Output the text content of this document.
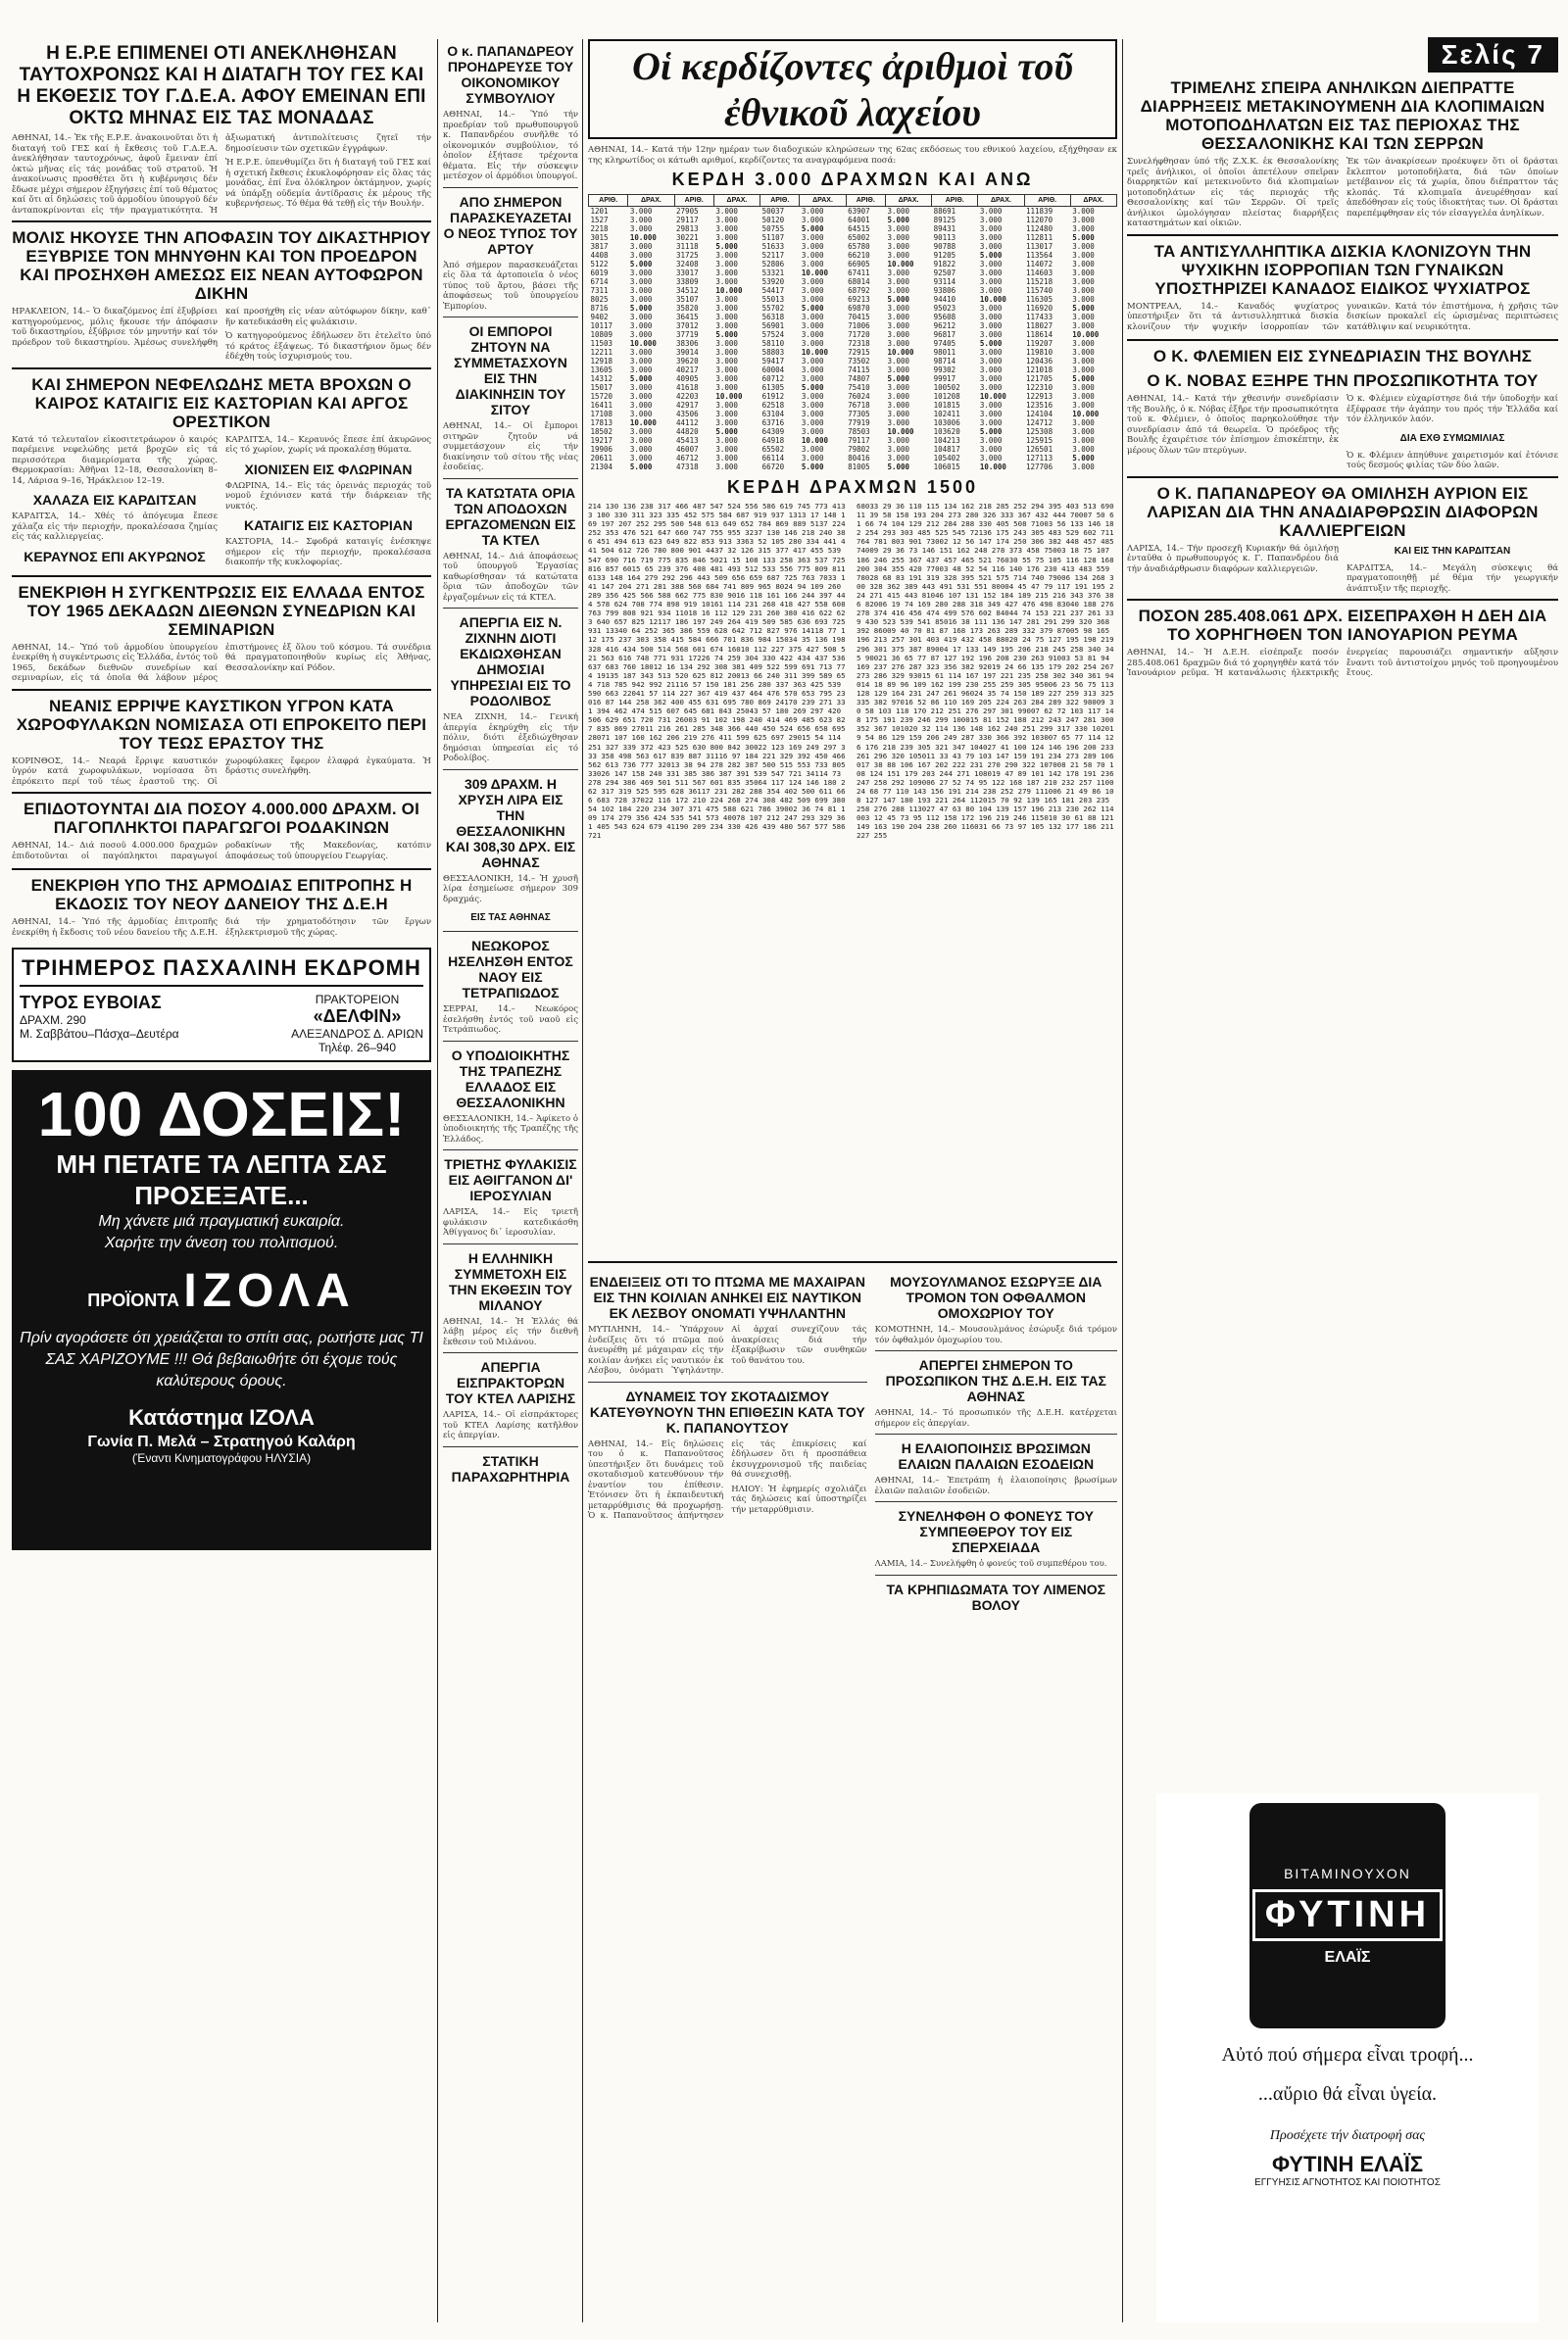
Η Ε.Ρ.Ε ΕΠΙΜΕΝΕΙ ΟΤΙ ΑΝΕΚΛΗΘΗΣΑΝ ΤΑΥΤΟΧΡΟΝΩΣ ΚΑΙ Η ΔΙΑΤΑΓΗ ΤΟΥ ΓΕΣ ΚΑΙ Η ΕΚΘΕΣΙΣ ΤΟΥ Γ.Δ.Ε.Α. ΑΦΟΥ ΕΜΕΙΝΑΝ ΕΠΙ ΟΚΤΩ ΜΗΝΑΣ ΕΙΣ ΤΑΣ ΜΟΝΑΔΑΣ

ΑΘΗΝΑΙ, 14.– Ἐκ τῆς Ε.Ρ.Ε. ἀνακοινοῦται ὅτι ἡ διαταγή τοῦ ΓΕΣ καί ἡ ἔκθεσις τοῦ Γ.Δ.Ε.Α. ἀνεκλήθησαν ταυτοχρόνως, ἀφοῦ ἔμειναν ἐπί ὀκτώ μῆνας εἰς τάς μονάδας τοῦ στρατοῦ. Ἡ ἀνακοίνωσις προσθέτει ὅτι ἡ κυβέρνησις δέν ἔδωσε μέχρι σήμερον ἐξηγήσεις ἐπί τοῦ θέματος καί ὅτι αἱ δηλώσεις τοῦ ἁρμοδίου ὑπουργοῦ δέν ἀνταποκρίνονται εἰς τήν πραγματικότητα. Ἡ ἀξιωματική ἀντιπολίτευσις ζητεῖ τήν δημοσίευσιν τῶν σχετικῶν ἐγγράφων.

Ἡ Ε.Ρ.Ε. ὑπενθυμίζει ὅτι ἡ διαταγή τοῦ ΓΕΣ καί ἡ σχετική ἔκθεσις ἐκυκλοφόρησαν εἰς ὅλας τάς μονάδας, ἐπί ἕνα ὁλόκληρον ὀκτάμηνον, χωρίς νά ὑπάρξῃ οὐδεμία ἀντίδρασις ἐκ μέρους τῆς κυβερνήσεως. Τό θέμα θά τεθῇ εἰς τήν Βουλήν.

ΜΟΛΙΣ ΗΚΟΥΣΕ ΤΗΝ ΑΠΟΦΑΣΙΝ ΤΟΥ ΔΙΚΑΣΤΗΡΙΟΥ ΕΞΥΒΡΙΣΕ ΤΟΝ ΜΗΝΥΘΗΝ ΚΑΙ ΤΟΝ ΠΡΟΕΔΡΟΝ ΚΑΙ ΠΡΟΣΗΧΘΗ ΑΜΕΣΩΣ ΕΙΣ ΝΕΑΝ ΑΥΤΟΦΩΡΟΝ ΔΙΚΗΝ

ΗΡΑΚΛΕΙΟΝ, 14.– Ὁ δικαζόμενος ἐπί ἐξυβρίσει κατηγορούμενος, μόλις ἤκουσε τήν ἀπόφασιν τοῦ δικαστηρίου, ἐξύβρισε τόν μηνυτήν καί τόν πρόεδρον τοῦ δικαστηρίου. Ἀμέσως συνελήφθη καί προσήχθη εἰς νέαν αὐτόφωρον δίκην, καθ᾿ ἥν κατεδικάσθη εἰς φυλάκισιν.

Ὁ κατηγορούμενος ἐδήλωσεν ὅτι ἐτελεῖτο ὑπό τό κράτος ἐξάψεως. Τό δικαστήριον ὅμως δέν ἐδέχθη τούς ἰσχυρισμούς του.

ΚΑΙ ΣΗΜΕΡΟΝ ΝΕΦΕΛΩΔΗΣ ΜΕΤΑ ΒΡΟΧΩΝ Ο ΚΑΙΡΟΣ ΚΑΤΑΙΓΙΣ ΕΙΣ ΚΑΣΤΟΡΙΑΝ ΚΑΙ ΑΡΓΟΣ ΟΡΕΣΤΙΚΟΝ

Κατά τό τελευταῖον εἰκοσιτετράωρον ὁ καιρός παρέμεινε νεφελώδης μετά βροχῶν εἰς τά περισσότερα διαμερίσματα τῆς χώρας. Θερμοκρασίαι: Ἀθῆναι 12–18, Θεσσαλονίκη 8–14, Λάρισα 9–16, Ἡράκλειον 12–19.

ΧΑΛΑΖΑ ΕΙΣ ΚΑΡΔΙΤΣΑΝ

ΚΑΡΔΙΤΣΑ, 14.– Χθές τό ἀπόγευμα ἔπεσε χάλαζα εἰς τήν περιοχήν, προκαλέσασα ζημίας εἰς τάς καλλιεργείας.

ΚΕΡΑΥΝΟΣ ΕΠΙ ΑΚΥΡΩΝΟΣ

ΚΑΡΔΙΤΣΑ, 14.– Κεραυνός ἔπεσε ἐπί ἀκυρῶνος εἰς τό χωρίον, χωρίς νά προκαλέσῃ θύματα.

ΧΙΟΝΙΣΕΝ ΕΙΣ ΦΛΩΡΙΝΑΝ

ΦΛΩΡΙΝΑ, 14.– Εἰς τάς ὀρεινάς περιοχάς τοῦ νομοῦ ἐχιόνισεν κατά τήν διάρκειαν τῆς νυκτός.

ΚΑΤΑΙΓΙΣ ΕΙΣ ΚΑΣΤΟΡΙΑΝ

ΚΑΣΤΟΡΙΑ, 14.– Σφοδρά καταιγίς ἐνέσκηψε σήμερον εἰς τήν περιοχήν, προκαλέσασα διακοπήν τῆς κυκλοφορίας.

ΕΝΕΚΡΙΘΗ Η ΣΥΓΚΕΝΤΡΩΣΙΣ ΕΙΣ ΕΛΛΑΔΑ ΕΝΤΟΣ ΤΟΥ 1965 ΔΕΚΑΔΩΝ ΔΙΕΘΝΩΝ ΣΥΝΕΔΡΙΩΝ ΚΑΙ ΣΕΜΙΝΑΡΙΩΝ

ΑΘΗΝΑΙ, 14.– Ὑπό τοῦ ἁρμοδίου ὑπουργείου ἐνεκρίθη ἡ συγκέντρωσις εἰς Ἑλλάδα, ἐντός τοῦ 1965, δεκάδων διεθνῶν συνεδρίων καί σεμιναρίων, εἰς τά ὁποῖα θά λάβουν μέρος ἐπιστήμονες ἐξ ὅλου τοῦ κόσμου. Τά συνέδρια θά πραγματοποιηθοῦν κυρίως εἰς Ἀθήνας, Θεσσαλονίκην καί Ρόδον.

ΝΕΑΝΙΣ ΕΡΡΙΨΕ ΚΑΥΣΤΙΚΟΝ ΥΓΡΟΝ ΚΑΤΑ ΧΩΡΟΦΥΛΑΚΩΝ ΝΟΜΙΣΑΣΑ ΟΤΙ ΕΠΡΟΚΕΙΤΟ ΠΕΡΙ ΤΟΥ ΤΕΩΣ ΕΡΑΣΤΟΥ ΤΗΣ

ΚΟΡΙΝΘΟΣ, 14.– Νεαρά ἔρριψε καυστικόν ὑγρόν κατά χωροφυλάκων, νομίσασα ὅτι ἐπρόκειτο περί τοῦ τέως ἐραστοῦ της. Οἱ χωροφύλακες ἔφερον ἐλαφρά ἐγκαύματα. Ἡ δράστις συνελήφθη.

ΕΠΙΔΟΤΟΥΝΤΑΙ ΔΙΑ ΠΟΣΟΥ 4.000.000 ΔΡΑΧΜ. ΟΙ ΠΑΓΟΠΛΗΚΤΟΙ ΠΑΡΑΓΩΓΟΙ ΡΟΔΑΚΙΝΩΝ

ΑΘΗΝΑΙ, 14.– Διά ποσοῦ 4.000.000 δραχμῶν ἐπιδοτοῦνται οἱ παγόπληκτοι παραγωγοί ροδακίνων τῆς Μακεδονίας, κατόπιν ἀποφάσεως τοῦ ὑπουργείου Γεωργίας.

ΕΝΕΚΡΙΘΗ ΥΠΟ ΤΗΣ ΑΡΜΟΔΙΑΣ ΕΠΙΤΡΟΠΗΣ Η ΕΚΔΟΣΙΣ ΤΟΥ ΝΕΟΥ ΔΑΝΕΙΟΥ ΤΗΣ Δ.Ε.Η

ΑΘΗΝΑΙ, 14.– Ὑπό τῆς ἁρμοδίας ἐπιτροπῆς ἐνεκρίθη ἡ ἔκδοσις τοῦ νέου δανείου τῆς Δ.Ε.Η. διά τήν χρηματοδότησιν τῶν ἔργων ἐξηλεκτρισμοῦ τῆς χώρας.

ΤΡΙΗΜΕΡΟΣ ΠΑΣΧΑΛΙΝΗ ΕΚΔΡΟΜΗ
ΤΥΡΟΣ ΕΥΒΟΙΑΣ
ΔΡΑΧΜ. 290
Μ. Σαββάτου–Πάσχα–Δευτέρα
ΠΡΑΚΤΟΡΕΙΟΝ
«ΔΕΛΦΙΝ»
ΑΛΕΞΑΝΔΡΟΣ Δ. ΑΡΙΩΝ
Τηλέφ. 26–940
100 ΔΟΣΕΙΣ!
ΜΗ ΠΕΤΑΤΕ ΤΑ ΛΕΠΤΑ ΣΑΣ
ΠΡΟΣΕΞΑΤΕ...
Μη χάνετε μιά πραγματική ευκαιρία.
Χαρήτε την άνεση του πολιτισμού.
ΠΡΟΪΟΝΤΑ ΙΖΟΛΑ
Πρίν αγοράσετε ότι χρειάζεται το σπίτι σας, ρωτήστε μας ΤΙ ΣΑΣ ΧΑΡΙΖΟΥΜΕ !!! Θά βεβαιωθήτε ότι έχομε τούς καλύτερους όρους.
Κατάστημα ΙΖΟΛΑ
Γωνία Π. Μελά – Στρατηγού Καλάρη
(Έναντι Κινηματογράφου ΗΛΥΣΙΑ)
Ο κ. ΠΑΠΑΝΔΡΕΟΥ ΠΡΟΗΔΡΕΥΣΕ ΤΟΥ ΟΙΚΟΝΟΜΙΚΟΥ ΣΥΜΒΟΥΛΙΟΥ

ΑΘΗΝΑΙ, 14.– Ὑπό τήν προεδρίαν τοῦ πρωθυπουργοῦ κ. Παπανδρέου συνῆλθε τό οἰκονομικόν συμβούλιον, τό ὁποῖον ἐξήτασε τρέχοντα θέματα. Εἰς τήν σύσκεψιν μετέσχον οἱ ἁρμόδιοι ὑπουργοί.

ΑΠΟ ΣΗΜΕΡΟΝ ΠΑΡΑΣΚΕΥΑΖΕΤΑΙ Ο ΝΕΟΣ ΤΥΠΟΣ ΤΟΥ ΑΡΤΟΥ

Ἀπό σήμερον παρασκευάζεται εἰς ὅλα τά ἀρτοποιεῖα ὁ νέος τύπος τοῦ ἄρτου, βάσει τῆς ἀποφάσεως τοῦ ὑπουργείου Ἐμπορίου.

ΟΙ ΕΜΠΟΡΟΙ ΖΗΤΟΥΝ ΝΑ ΣΥΜΜΕΤΑΣΧΟΥΝ ΕΙΣ ΤΗΝ ΔΙΑΚΙΝΗΣΙΝ ΤΟΥ ΣΙΤΟΥ

ΑΘΗΝΑΙ, 14.– Οἱ ἔμποροι σιτηρῶν ζητοῦν νά συμμετάσχουν εἰς τήν διακίνησιν τοῦ σίτου τῆς νέας ἐσοδείας.

ΤΑ ΚΑΤΩΤΑΤΑ ΟΡΙΑ ΤΩΝ ΑΠΟΔΟΧΩΝ ΕΡΓΑΖΟΜΕΝΩΝ ΕΙΣ ΤΑ ΚΤΕΛ

ΑΘΗΝΑΙ, 14.– Διά ἀποφάσεως τοῦ ὑπουργοῦ Ἐργασίας καθωρίσθησαν τά κατώτατα ὅρια τῶν ἀποδοχῶν τῶν ἐργαζομένων εἰς τά ΚΤΕΛ.

ΑΠΕΡΓΙΑ ΕΙΣ Ν. ΖΙΧΝΗΝ ΔΙΟΤΙ ΕΚΔΙΩΧΘΗΣΑΝ ΔΗΜΟΣΙΑΙ ΥΠΗΡΕΣΙΑΙ ΕΙΣ ΤΟ ΡΟΔΟΛΙΒΟΣ

ΝΕΑ ΖΙΧΝΗ, 14.– Γενική ἀπεργία ἐκηρύχθη εἰς τήν πόλιν, διότι ἐξεδιώχθησαν δημόσιαι ὑπηρεσίαι εἰς τό Ροδολίβος.

309 ΔΡΑΧΜ. Η ΧΡΥΣΗ ΛΙΡΑ ΕΙΣ ΤΗΝ ΘΕΣΣΑΛΟΝΙΚΗΝ ΚΑΙ 308,30 ΔΡΧ. ΕΙΣ ΑΘΗΝΑΣ

ΘΕΣΣΑΛΟΝΙΚΗ, 14.– Ἡ χρυσῆ λίρα ἐσημείωσε σήμερον 309 δραχμάς.

ΕΙΣ ΤΑΣ ΑΘΗΝΑΣ
ΝΕΩΚΟΡΟΣ ΗΣΕΛΗΣΘΗ ΕΝΤΟΣ ΝΑΟΥ ΕΙΣ ΤΕΤΡΑΠΙΩΔΟΣ

ΣΕΡΡΑΙ, 14.– Νεωκόρος ἐσελήσθη ἐντός τοῦ ναοῦ εἰς Τετράπιωδος.

Ο ΥΠΟΔΙΟΙΚΗΤΗΣ ΤΗΣ ΤΡΑΠΕΖΗΣ ΕΛΛΑΔΟΣ ΕΙΣ ΘΕΣΣΑΛΟΝΙΚΗΝ

ΘΕΣΣΑΛΟΝΙΚΗ, 14.– Ἀφίκετο ὁ ὑποδιοικητής τῆς Τραπέζης τῆς Ἑλλάδος.

ΤΡΙΕΤΗΣ ΦΥΛΑΚΙΣΙΣ ΕΙΣ ΑΘΙΓΓΑΝΟΝ ΔΙ' ΙΕΡΟΣΥΛΙΑΝ

ΛΑΡΙΣΑ, 14.– Εἰς τριετῆ φυλάκισιν κατεδικάσθη Ἀθίγγανος δι᾿ ἱεροσυλίαν.

Η ΕΛΛΗΝΙΚΗ ΣΥΜΜΕΤΟΧΗ ΕΙΣ ΤΗΝ ΕΚΘΕΣΙΝ ΤΟΥ ΜΙΛΑΝΟΥ

ΑΘΗΝΑΙ, 14.– Ἡ Ἑλλάς θά λάβῃ μέρος εἰς τήν διεθνῆ ἔκθεσιν τοῦ Μιλάνου.

ΑΠΕΡΓΙΑ ΕΙΣΠΡΑΚΤΟΡΩΝ ΤΟΥ ΚΤΕΛ ΛΑΡΙΣΗΣ

ΛΑΡΙΣΑ, 14.– Οἱ εἰσπράκτορες τοῦ ΚΤΕΛ Λαρίσης κατῆλθον εἰς ἀπεργίαν.

ΣΤΑΤΙΚΗ ΠΑΡΑΧΩΡΗΤΗΡΙΑ
Οἱ κερδίζοντες ἀριθμοὶ τοῦ ἐθνικοῦ λαχείου

ΑΘΗΝΑΙ, 14.– Κατά τήν 12ην ημέραν των διαδοχικών κληρώσεων της 62ας εκδόσεως του εθνικού λαχείου, εξήχθησαν εκ της κληρωτίδος οι κάτωθι αριθμοί, κερδίζοντες τα αναγραφόμενα ποσά:

ΚΕΡΔΗ 3.000 ΔΡΑΧΜΩΝ ΚΑΙ ΑΝΩ
ΑΡΙΘ.	ΔΡΑΧ.	ΑΡΙΘ.	ΔΡΑΧ.	ΑΡΙΘ.	ΔΡΑΧ.	ΑΡΙΘ.	ΔΡΑΧ.	ΑΡΙΘ.	ΔΡΑΧ.	ΑΡΙΘ.	ΔΡΑΧ.
1201	3.000	27905	3.000	50037	3.000	63907	3.000	88691	3.000	111839	3.000
1527	3.000	29117	3.000	50120	3.000	64001	5.000	89125	3.000	112070	3.000
2218	3.000	29813	3.000	50755	5.000	64515	3.000	89431	3.000	112480	3.000
3015	10.000	30221	3.000	51107	3.000	65002	3.000	90113	3.000	112811	5.000
3817	3.000	31118	5.000	51633	3.000	65780	3.000	90788	3.000	113017	3.000
4408	3.000	31725	3.000	52117	3.000	66210	3.000	91205	5.000	113564	3.000
5122	5.000	32408	3.000	52806	3.000	66905	10.000	91822	3.000	114072	3.000
6019	3.000	33017	3.000	53321	10.000	67411	3.000	92507	3.000	114603	3.000
6714	3.000	33809	3.000	53920	3.000	68014	3.000	93114	3.000	115218	3.000
7311	3.000	34512	10.000	54417	3.000	68792	3.000	93806	3.000	115740	3.000
8025	3.000	35107	3.000	55013	3.000	69213	5.000	94410	10.000	116305	3.000
8716	5.000	35820	3.000	55702	5.000	69870	3.000	95023	3.000	116920	5.000
9402	3.000	36415	3.000	56318	3.000	70415	3.000	95608	3.000	117433	3.000
10117	3.000	37012	3.000	56901	3.000	71006	3.000	96212	3.000	118027	3.000
10809	3.000	37719	5.000	57524	3.000	71720	3.000	96817	3.000	118614	10.000
11503	10.000	38306	3.000	58110	3.000	72318	3.000	97405	5.000	119207	3.000
12211	3.000	39014	3.000	58803	10.000	72915	10.000	98011	3.000	119810	3.000
12918	3.000	39620	3.000	59417	3.000	73502	3.000	98714	3.000	120436	3.000
13605	3.000	40217	3.000	60004	3.000	74115	3.000	99302	3.000	121018	3.000
14312	5.000	40905	3.000	60712	3.000	74807	5.000	99917	3.000	121705	5.000
15017	3.000	41618	3.000	61305	5.000	75410	3.000	100502	3.000	122310	3.000
15720	3.000	42203	10.000	61912	3.000	76024	3.000	101208	10.000	122913	3.000
16411	3.000	42917	3.000	62518	3.000	76718	3.000	101815	3.000	123516	3.000
17108	3.000	43506	3.000	63104	3.000	77305	3.000	102411	3.000	124104	10.000
17813	10.000	44112	3.000	63716	3.000	77919	3.000	103006	3.000	124712	3.000
18502	3.000	44820	5.000	64309	3.000	78503	10.000	103620	5.000	125308	3.000
19217	3.000	45413	3.000	64918	10.000	79117	3.000	104213	3.000	125915	3.000
19906	3.000	46007	3.000	65502	3.000	79802	3.000	104817	3.000	126501	3.000
20611	3.000	46712	3.000	66114	3.000	80416	3.000	105402	3.000	127113	5.000
21304	5.000	47318	3.000	66720	5.000	81005	5.000	106015	10.000	127706	3.000
ΚΕΡΔΗ ΔΡΑΧΜΩΝ 1500
214 130 136 238 317 466 487 547 524 556 586 619 745 773 4133 180 330 311 323 335 452 575 584 687 919 937 1313 17 148 169 197 207 252 295 500 548 613 649 652 784 869 889 5137 224 252 353 476 521 647 660 747 755 955 3237 130 146 218 240 386 451 494 613 623 649 822 853 913 3363 52 105 280 334 441 441 504 612 726 780 800 901 4437 32 126 315 377 417 455 539 547 690 716 719 775 835 846 5021 15 108 133 258 363 537 725 816 857 6015 65 239 376 408 481 493 512 533 556 775 809 811 6133 148 164 279 292 296 443 509 656 659 687 725 763 7033 141 147 204 271 281 388 560 684 741 809 965 8024 94 109 260 289 356 425 566 588 662 775 830 9016 118 161 166 244 397 444 578 624 708 774 898 919 10161 114 231 268 418 427 558 608 763 799 808 921 934 11018 16 112 129 231 260 380 416 622 623 640 657 825 12117 186 197 249 264 419 509 585 636 693 725 931 13340 64 252 365 386 559 628 642 712 827 976 14118 77 112 175 237 303 358 415 584 666 701 836 984 15034 35 136 198 328 416 434 500 514 568 601 674 16010 112 227 375 427 508 521 563 616 748 771 931 17226 74 259 304 330 422 434 437 536 637 683 760 18012 16 134 292 308 381 409 522 599 691 713 774 19135 187 343 513 520 625 812 20013 66 240 311 399 589 654 718 785 942 992 21116 57 150 181 256 280 337 363 425 539 590 663 22041 57 114 227 367 419 437 464 476 570 653 795 23016 87 144 258 362 400 455 631 695 780 869 24170 239 271 331 394 462 474 515 607 645 681 843 25043 57 180 269 297 420 506 629 651 720 731 26003 91 102 198 240 414 469 485 623 827 835 869 27011 216 261 285 348 366 440 450 524 656 658 695 28071 107 160 162 206 219 276 411 599 625 697 29015 54 114 251 327 339 372 423 525 630 800 842 30022 123 169 249 297 333 358 498 563 617 839 887 31116 97 184 221 329 392 450 466 562 613 736 777 32013 38 94 278 282 387 500 515 553 733 805 33026 147 158 240 331 385 386 387 391 539 547 721 34114 73 278 294 386 469 501 511 567 601 835 35064 117 124 146 180 262 317 319 525 595 628 36117 231 282 288 354 402 500 611 666 683 728 37022 116 172 210 224 268 274 308 482 509 699 38054 102 184 220 234 307 371 475 588 621 786 39002 36 74 81 109 174 279 356 424 535 541 573 40078 107 212 247 293 329 361 405 543 624 679 41190 209 234 330 426 439 480 567 577 586 721
68033 29 36 110 115 134 162 218 285 252 294 395 403 513 69011 39 58 158 193 204 273 280 326 333 367 432 444 70007 50 61 66 74 104 129 212 284 288 330 405 508 71003 56 133 146 182 254 293 303 485 525 545 72136 175 243 305 483 529 602 711 764 781 803 901 73002 12 56 147 174 250 306 382 448 457 485 74009 29 36 73 146 151 162 248 278 373 458 75003 18 75 107 186 246 255 367 437 457 465 521 76030 55 75 105 116 128 168 200 304 355 420 77003 48 52 54 116 140 176 230 413 483 559 78028 68 83 191 319 328 395 521 575 714 740 79006 134 268 300 328 362 389 443 491 531 551 80004 45 47 79 117 191 195 224 271 415 443 81046 107 131 152 184 189 215 216 343 376 386 82006 19 74 169 280 288 318 349 427 476 498 83040 188 276 278 374 416 456 474 499 576 602 84044 74 153 221 237 261 339 430 523 539 541 85016 38 111 136 147 281 291 299 320 368 392 86009 40 70 81 87 168 173 263 289 332 379 87005 98 165 196 213 257 301 403 419 432 458 88020 24 75 127 195 198 219 296 301 375 387 89004 17 133 149 195 206 218 245 258 340 345 90021 36 65 77 87 127 192 196 208 230 263 91003 53 81 94 169 237 276 287 323 356 382 92019 24 66 135 179 202 254 267 273 286 329 93015 61 114 167 197 221 235 258 302 340 361 94014 18 89 96 109 162 199 230 255 259 305 95006 23 56 75 113 128 129 164 231 247 261 96024 35 74 150 189 227 259 313 325 335 382 97016 52 86 110 169 205 224 263 284 289 322 98009 30 58 103 118 170 212 251 276 297 301 99007 62 72 103 117 148 175 191 239 246 299 100015 81 152 188 212 243 247 281 300 352 367 101020 32 114 136 148 162 240 251 299 317 330 102019 54 86 129 159 206 249 287 330 366 392 103007 65 77 114 126 176 218 239 305 321 347 104027 41 100 124 146 196 200 233 261 296 320 105011 33 43 79 103 147 159 191 234 273 289 106017 38 88 106 167 202 222 231 270 290 322 107008 21 58 70 108 124 151 179 203 244 271 108019 47 89 101 142 178 191 236 247 258 292 109006 27 52 74 95 122 168 187 210 232 257 110024 68 77 110 143 156 191 214 238 252 279 111006 21 49 86 108 127 147 180 193 221 264 112015 70 92 139 165 181 203 235 258 276 288 113027 47 63 80 104 139 157 196 213 230 262 114003 12 45 73 95 112 158 172 196 219 246 115010 30 61 88 121 149 163 190 204 238 260 116031 66 73 97 105 132 177 186 211 227 255
ΕΝΔΕΙΞΕΙΣ ΟΤΙ ΤΟ ΠΤΩΜΑ ΜΕ ΜΑΧΑΙΡΑΝ ΕΙΣ ΤΗΝ ΚΟΙΛΙΑΝ ΑΝΗΚΕΙ ΕΙΣ ΝΑΥΤΙΚΟΝ ΕΚ ΛΕΣΒΟΥ ΟΝΟΜΑΤΙ ΥΨΗΛΑΝΤΗΝ

ΜΥΤΙΛΗΝΗ, 14.– Ὑπάρχουν ἐνδείξεις ὅτι τό πτῶμα πού ἀνευρέθη μέ μάχαιραν εἰς τήν κοιλίαν ἀνήκει εἰς ναυτικόν ἐκ Λέσβου, ὀνόματι Ὑψηλάντην. Αἱ ἀρχαί συνεχίζουν τάς ἀνακρίσεις διά τήν ἐξακρίβωσιν τῶν συνθηκῶν τοῦ θανάτου του.

ΔΥΝΑΜΕΙΣ ΤΟΥ ΣΚΟΤΑΔΙΣΜΟΥ ΚΑΤΕΥΘΥΝΟΥΝ ΤΗΝ ΕΠΙΘΕΣΙΝ ΚΑΤΑ ΤΟΥ Κ. ΠΑΠΑΝΟΥΤΣΟΥ

ΑΘΗΝΑΙ, 14.– Εἰς δηλώσεις του ὁ κ. Παπανοῦτσος ὑπεστήριξεν ὅτι δυνάμεις τοῦ σκοταδισμοῦ κατευθύνουν τήν ἐναντίον του ἐπίθεσιν. Ἐτόνισεν ὅτι ἡ ἐκπαιδευτική μεταρρύθμισις θά προχωρήσῃ. Ὁ κ. Παπανοῦτσος ἀπήντησεν εἰς τάς ἐπικρίσεις καί ἐδήλωσεν ὅτι ἡ προσπάθεια ἐκσυγχρονισμοῦ τῆς παιδείας θά συνεχισθῇ.

ΗΛΙΟΥ: Ἡ ἐφημερίς σχολιάζει τάς δηλώσεις καί ὑποστηρίζει τήν μεταρρύθμισιν.

ΜΟΥΣΟΥΛΜΑΝΟΣ ΕΣΩΡΥΞΕ ΔΙΑ ΤΡΟΜΟΝ ΤΟΝ ΟΦΘΑΛΜΟΝ ΟΜΟΧΩΡΙΟΥ ΤΟΥ

ΚΟΜΟΤΗΝΗ, 14.– Μουσουλμάνος ἐσώρυξε διά τρόμον τόν ὀφθαλμόν ὁμοχωρίου του.

ΑΠΕΡΓΕΙ ΣΗΜΕΡΟΝ ΤΟ ΠΡΟΣΩΠΙΚΟΝ ΤΗΣ Δ.Ε.Η. ΕΙΣ ΤΑΣ ΑΘΗΝΑΣ

ΑΘΗΝΑΙ, 14.– Τό προσωπικόν τῆς Δ.Ε.Η. κατέρχεται σήμερον εἰς ἀπεργίαν.

Η ΕΛΑΙΟΠΟΙΗΣΙΣ ΒΡΩΣΙΜΩΝ ΕΛΑΙΩΝ ΠΑΛΑΙΩΝ ΕΣΟΔΕΙΩΝ

ΑΘΗΝΑΙ, 14.– Ἐπετράπη ἡ ἐλαιοποίησις βρωσίμων ἐλαιῶν παλαιῶν ἐσοδειῶν.

ΣΥΝΕΛΗΦΘΗ Ο ΦΟΝΕΥΣ ΤΟΥ ΣΥΜΠΕΘΕΡΟΥ ΤΟΥ ΕΙΣ ΣΠΕΡΧΕΙΑΔΑ

ΛΑΜΙΑ, 14.– Συνελήφθη ὁ φονεύς τοῦ συμπεθέρου του.

ΤΑ ΚΡΗΠΙΔΩΜΑΤΑ ΤΟΥ ΛΙΜΕΝΟΣ ΒΟΛΟΥ
Σελίς 7
ΤΡΙΜΕΛΗΣ ΣΠΕΙΡΑ ΑΝΗΛΙΚΩΝ ΔΙΕΠΡΑΤΤΕ ΔΙΑΡΡΗΞΕΙΣ ΜΕΤΑΚΙΝΟΥΜΕΝΗ ΔΙΑ ΚΛΟΠΙΜΑΙΩΝ ΜΟΤΟΠΟΔΗΛΑΤΩΝ ΕΙΣ ΤΑΣ ΠΕΡΙΟΧΑΣ ΤΗΣ ΘΕΣΣΑΛΟΝΙΚΗΣ ΚΑΙ ΤΩΝ ΣΕΡΡΩΝ

Συνελήφθησαν ὑπό τῆς Ζ.Χ.Κ. ἐκ Θεσσαλονίκης τρεῖς ἀνήλικοι, οἱ ὁποῖοι ἀπετέλουν σπεῖραν διαρρηκτῶν καί μετεκινοῦντο διά κλοπιμαίων μοτοποδηλάτων εἰς τάς περιοχάς τῆς Θεσσαλονίκης καί τῶν Σερρῶν. Οἱ τρεῖς ἀνήλικοι ὡμολόγησαν πλείστας διαρρήξεις καταστημάτων καί οἰκιῶν.

Ἐκ τῶν ἀνακρίσεων προέκυψεν ὅτι οἱ δράσται ἔκλεπτον μοτοποδήλατα, διά τῶν ὁποίων μετέβαινον εἰς τά χωρία, ὅπου διέπραττον τάς κλοπάς. Τά κλοπιμαῖα ἀνευρέθησαν καί ἀπεδόθησαν εἰς τούς ἰδιοκτήτας των. Οἱ δράσται παρεπέμφθησαν εἰς τόν εἰσαγγελέα ἀνηλίκων.

ΤΑ ΑΝΤΙΣΥΛΛΗΠΤΙΚΑ ΔΙΣΚΙΑ ΚΛΟΝΙΖΟΥΝ ΤΗΝ ΨΥΧΙΚΗΝ ΙΣΟΡΡΟΠΙΑΝ ΤΩΝ ΓΥΝΑΙΚΩΝ ΥΠΟΣΤΗΡΙΖΕΙ ΚΑΝΑΔΟΣ ΕΙΔΙΚΟΣ ΨΥΧΙΑΤΡΟΣ

ΜΟΝΤΡΕΑΛ, 14.– Καναδός ψυχίατρος ὑπεστήριξεν ὅτι τά ἀντισυλληπτικά δισκία κλονίζουν τήν ψυχικήν ἰσορροπίαν τῶν γυναικῶν. Κατά τόν ἐπιστήμονα, ἡ χρῆσις τῶν δισκίων προκαλεῖ εἰς ὡρισμένας περιπτώσεις κατάθλιψιν καί νευρικότητα.

Ο Κ. ΦΛΕΜΙΕΝ ΕΙΣ ΣΥΝΕΔΡΙΑΣΙΝ ΤΗΣ ΒΟΥΛΗΣ
Ο Κ. ΝΟΒΑΣ ΕΞΗΡΕ ΤΗΝ ΠΡΟΣΩΠΙΚΟΤΗΤΑ ΤΟΥ

ΑΘΗΝΑΙ, 14.– Κατά τήν χθεσινήν συνεδρίασιν τῆς Βουλῆς, ὁ κ. Νόβας ἐξῆρε τήν προσωπικότητα τοῦ κ. Φλέμιεν, ὁ ὁποῖος παρηκολούθησε τήν συνεδρίασιν ἀπό τά θεωρεῖα. Ὁ πρόεδρος τῆς Βουλῆς ἐχαιρέτισε τόν ἐπίσημον ἐπισκέπτην, ἐκ μέρους ὅλων τῶν πτερύγων.

Ὁ κ. Φλέμιεν εὐχαρίστησε διά τήν ὑποδοχήν καί ἐξέφρασε τήν ἀγάπην του πρός τήν Ἑλλάδα καί τόν ἑλληνικόν λαόν.

ΔΙΑ ΕΧΘ ΣΥΜΩΜΙΛΙΑΣ

Ὁ κ. Φλέμιεν ἀπηύθυνε χαιρετισμόν καί ἐτόνισε τούς δεσμούς φιλίας τῶν δύο λαῶν.

Ο Κ. ΠΑΠΑΝΔΡΕΟΥ ΘΑ ΟΜΙΛΗΣΗ ΑΥΡΙΟΝ ΕΙΣ ΛΑΡΙΣΑΝ ΔΙΑ ΤΗΝ ΑΝΑΔΙΑΡΘΡΩΣΙΝ ΔΙΑΦΟΡΩΝ ΚΑΛΛΙΕΡΓΕΙΩΝ

ΛΑΡΙΣΑ, 14.– Τήν προσεχῆ Κυριακήν θά ὁμιλήσῃ ἐνταῦθα ὁ πρωθυπουργός κ. Γ. Παπανδρέου διά τήν ἀναδιάρθρωσιν διαφόρων καλλιεργειῶν.

ΚΑΙ ΕΙΣ ΤΗΝ ΚΑΡΔΙΤΣΑΝ

ΚΑΡΔΙΤΣΑ, 14.– Μεγάλη σύσκεψις θά πραγματοποιηθῇ μέ θέμα τήν γεωργικήν ἀνάπτυξιν τῆς περιοχῆς.

ΠΟΣΟΝ 285.408.061 ΔΡΧ. ΕΙΣΕΠΡΑΧΘΗ Η ΔΕΗ ΔΙΑ ΤΟ ΧΟΡΗΓΗΘΕΝ ΤΟΝ ΙΑΝΟΥΑΡΙΟΝ ΡΕΥΜΑ

ΑΘΗΝΑΙ, 14.– Ἡ Δ.Ε.Η. εἰσέπραξε ποσόν 285.408.061 δραχμῶν διά τό χορηγηθέν κατά τόν Ἰανουάριον ρεῦμα. Ἡ κατανάλωσις ἠλεκτρικῆς ἐνεργείας παρουσιάζει σημαντικήν αὔξησιν ἔναντι τοῦ ἀντιστοίχου μηνός τοῦ προηγουμένου ἔτους.

ΒΙΤΑΜΙΝΟΥΧΟΝ
ΦΥΤΙΝΗ
ΕΛΑΪΣ
Αὐτό πού σήμερα εἶναι τροφή...
...αὔριο θά εἶναι ὑγεία.
Προσέχετε τήν διατροφή σας
ΦΥΤΙΝΗ ΕΛΑΪΣ
ΕΓΓΥΗΣΙΣ ΑΓΝΟΤΗΤΟΣ ΚΑΙ ΠΟΙΟΤΗΤΟΣ
